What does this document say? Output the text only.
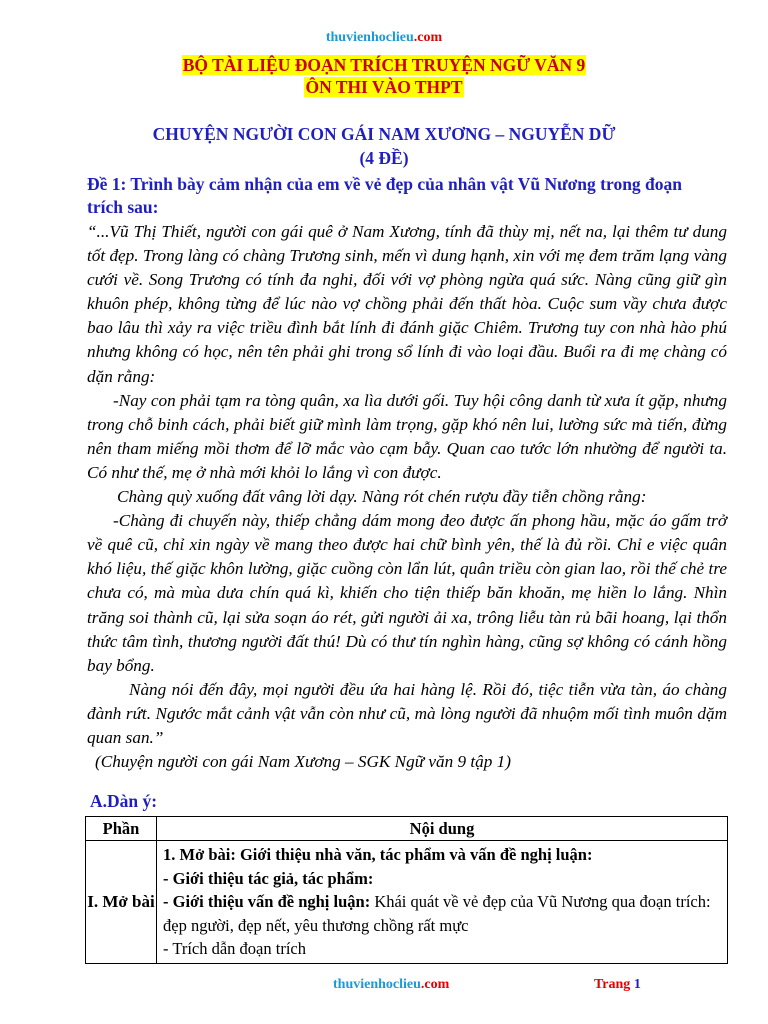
thuvienhoclieu.com
BỘ TÀI LIỆU ĐOẠN TRÍCH TRUYỆN NGỮ VĂN 9
ÔN THI VÀO THPT
CHUYỆN NGƯỜI CON GÁI NAM XƯƠNG – NGUYỄN DỮ
(4 ĐỀ)
Đề 1: Trình bày cảm nhận của em về vẻ đẹp của nhân vật Vũ Nương trong đoạn
trích sau:

“...Vũ Thị Thiết, người con gái quê ở Nam Xương, tính đã thùy mị, nết na, lại thêm tư dung tốt đẹp. Trong làng có chàng Trương sinh, mến vì dung hạnh, xin với mẹ đem trăm lạng vàng cưới về. Song Trương có tính đa nghi, đối với vợ phòng ngừa quá sức. Nàng cũng giữ gìn khuôn phép, không từng để lúc nào vợ chồng phải đến thất hòa. Cuộc sum vầy chưa được bao lâu thì xảy ra việc triều đình bắt lính đi đánh giặc Chiêm. Trương tuy con nhà hào phú nhưng không có học, nên tên phải ghi trong sổ lính đi vào loại đầu. Buổi ra đi mẹ chàng có dặn rằng:

-Nay con phải tạm ra tòng quân, xa lìa dưới gối. Tuy hội công danh từ xưa ít gặp, nhưng trong chỗ binh cách, phải biết giữ mình làm trọng, gặp khó nên lui, lường sức mà tiến, đừng nên tham miếng mồi thơm để lỡ mắc vào cạm bẫy. Quan cao tước lớn nhường để người ta. Có như thế, mẹ ở nhà mới khỏi lo lắng vì con được.

Chàng quỳ xuống đất vâng lời dạy. Nàng rót chén rượu đầy tiễn chồng rằng:

-Chàng đi chuyến này, thiếp chẳng dám mong đeo được ấn phong hầu, mặc áo gấm trở về quê cũ, chỉ xin ngày về mang theo được hai chữ bình yên, thế là đủ rồi. Chỉ e việc quân khó liệu, thế giặc khôn lường, giặc cuồng còn lẩn lút, quân triều còn gian lao, rồi thế chẻ tre chưa có, mà mùa dưa chín quá kì, khiến cho tiện thiếp băn khoăn, mẹ hiền lo lắng. Nhìn trăng soi thành cũ, lại sửa soạn áo rét, gửi người ải xa, trông liễu tàn rủ bãi hoang, lại thổn thức tâm tình, thương người đất thú! Dù có thư tín nghìn hàng, cũng sợ không có cánh hồng bay bổng.

Nàng nói đến đây, mọi người đều ứa hai hàng lệ. Rồi đó, tiệc tiễn vừa tàn, áo chàng đành rứt. Ngước mắt cảnh vật vẫn còn như cũ, mà lòng người đã nhuộm mối tình muôn dặm quan san.”

(Chuyện người con gái Nam Xương – SGK Ngữ văn 9 tập 1)

A.Dàn ý:
Phần	Nội dung
I. Mở bài	1. Mở bài: Giới thiệu nhà văn, tác phẩm và vấn đề nghị luận:
- Giới thiệu tác giả, tác phẩm:
- Giới thiệu vấn đề nghị luận: Khái quát về vẻ đẹp của Vũ Nương qua đoạn trích: đẹp người, đẹp nết, yêu thương chồng rất mực
- Trích dẫn đoạn trích
thuvienhoclieu.com	Trang 1
